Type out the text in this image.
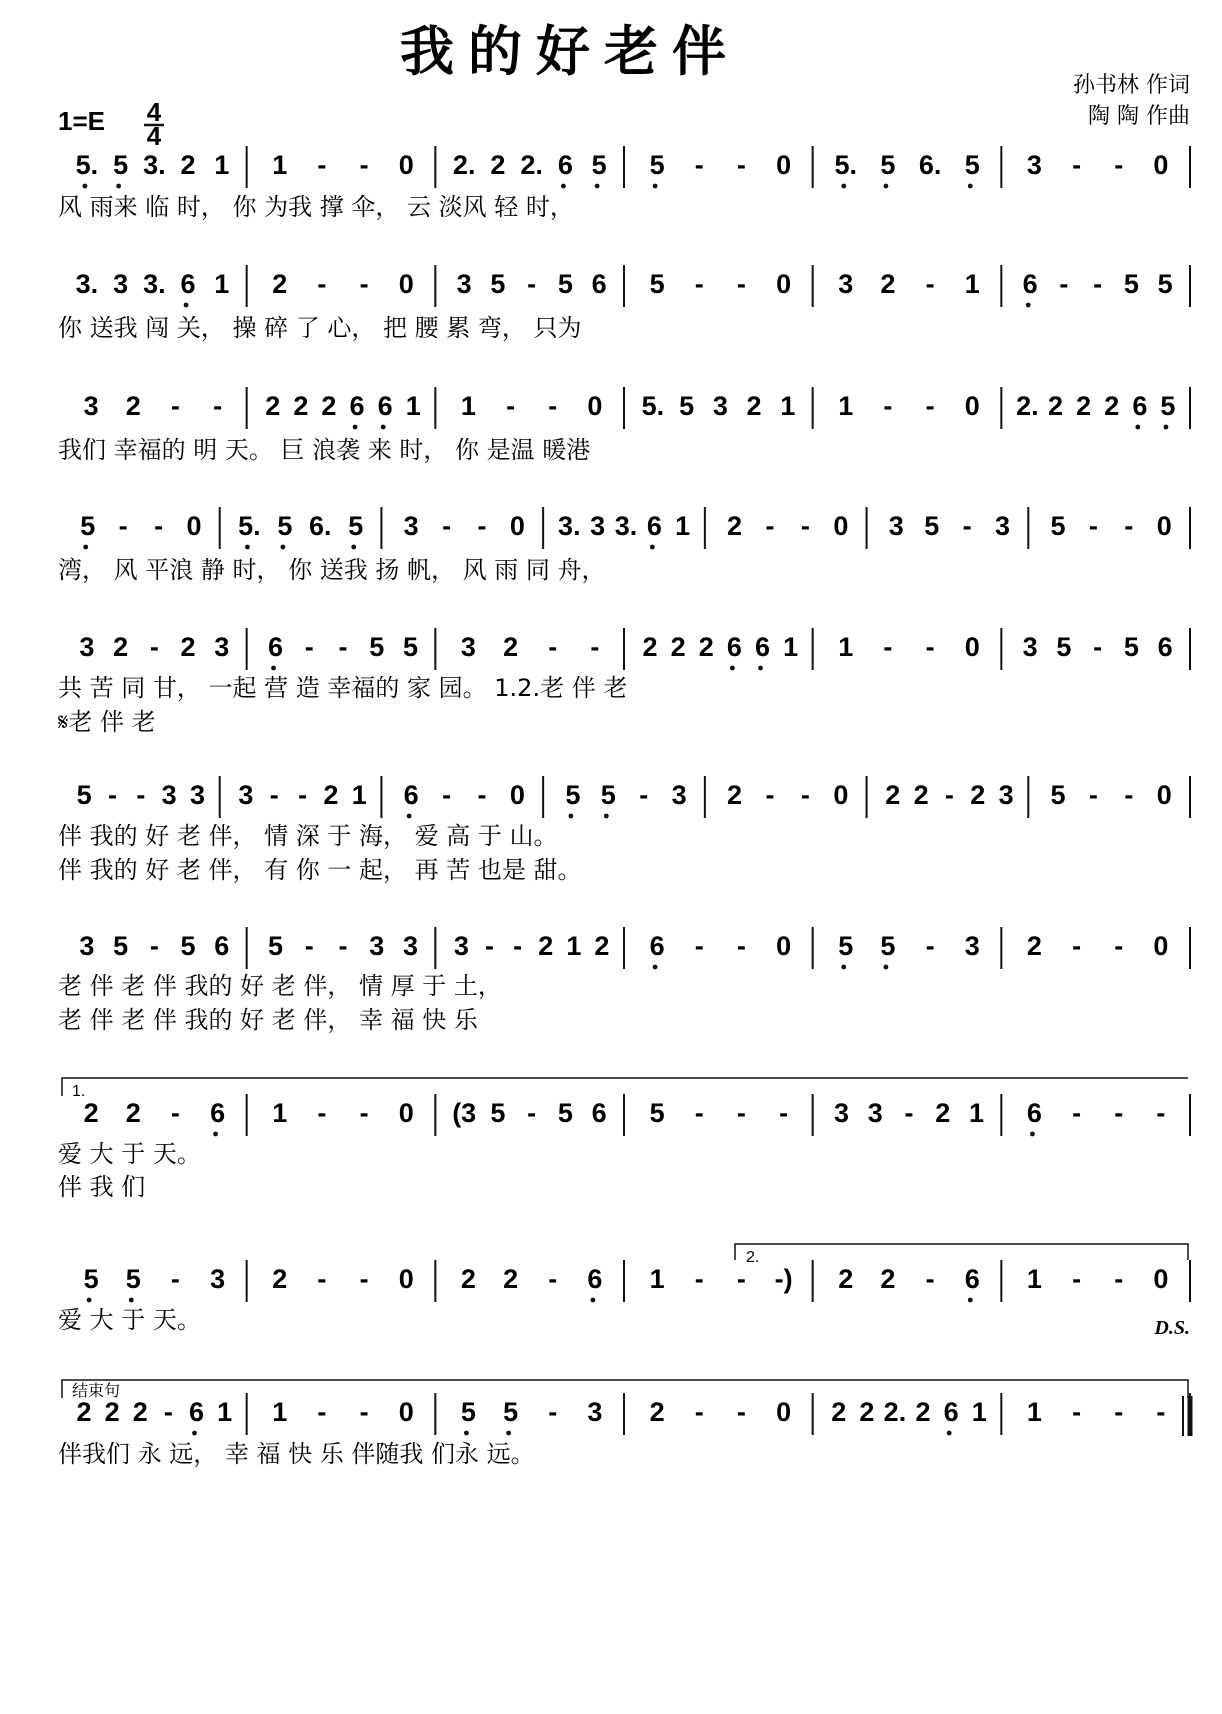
我的好老伴
孙书林 作词
陶 陶 作曲
1=E 4
4
5. 5 3. 2 1 1 - - 0 2. 2 2. 6 5 5 - - 0 5. 5 6. 5 3 - - 0
风 雨来 临 时， 你 为我 撑 伞， 云 淡风 轻 时，
3. 3 3. 6 1 2 - - 0 3 5 - 5 6 5 - - 0 3 2 - 1 6 - - 5 5
你 送我 闯 关， 操 碎 了 心， 把 腰 累 弯， 只为
3 2 - - 2 2 2 6 6 1 1 - - 0 5. 5 3 2 1 1 - - 0 2. 2 2 2 6 5
我们 幸福的 明 天。 巨 浪袭 来 时， 你 是温 暖港
5 - - 0 5. 5 6. 5 3 - - 0 3. 3 3. 6 1 2 - - 0 3 5 - 3 5 - - 0
湾， 风 平浪 静 时， 你 送我 扬 帆， 风 雨 同 舟，
3 2 - 2 3 6 - - 5 5 3 2 - - 2 2 2 6 6 1 1 - - 0 3 5 - 5 6
共 苦 同 甘， 一起 营 造 幸福的 家 园。 1.2.老 伴 老
𝄋老 伴 老
5 - - 3 3 3 - - 2 1 6 - - 0 5 5 - 3 2 - - 0 2 2 - 2 3 5 - - 0
伴 我的 好 老 伴， 情 深 于 海， 爱 高 于 山。
伴 我的 好 老 伴， 有 你 一 起， 再 苦 也是 甜。
3 5 - 5 6 5 - - 3 3 3 - - 2 1 2 6 - - 0 5 5 - 3 2 - - 0
老 伴 老 伴 我的 好 老 伴， 情 厚 于 土，
老 伴 老 伴 我的 好 老 伴， 幸 福 快 乐
2 2 - 6 1 - - 0 (3 5 - 5 6 5 - - - 3 3 - 2 1 6 - - -
爱 大 于 天。
伴 我 们
5 5 - 3 2 - - 0 2 2 - 6 1 - - -) 2 2 - 6 1 - - 0
爱 大 于 天。
2 2 2 - 6 1 1 - - 0 5 5 - 3 2 - - 0 2 2 2. 2 6 1 1 - - -
伴我们 永 远， 幸 福 快 乐 伴随我 们永 远。
1.
2.
结束句
D.S.
